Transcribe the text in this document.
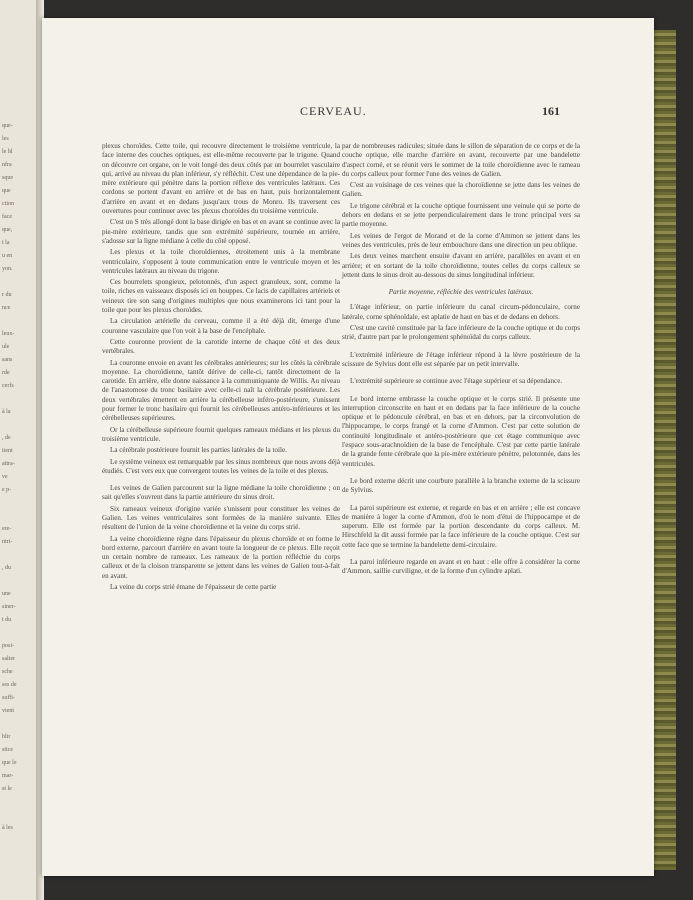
que-
les
le bl
nfra
sque
que
ction
face
que,
t la
u en
yon.

r du
nce

leux-
ule
sans
rde
cerfs

à la

, de
tient
attra-
ve
e p-

ere-
ntri-

, du

une
siner-
t du

posi-
salier
sche
ses de
suffi-
vient

blir
stice
que le
mar-
st le

à les
CERVEAU.	161

plexus choroïdes. Cette toile, qui recouvre directement le troisième ventricule, la face interne des couches optiques, est elle-même recouverte par le trigone. Quand on découvre cet organe, on le voit longé des deux côtés par un bourrelet vasculaire qui, arrivé au niveau du plan inférieur, s'y réfléchit. C'est une dépendance de la pie-mère extérieure qui pénètre dans la portion réflexe des ventricules latéraux. Ces cordons se portent d'avant en arrière et de bas en haut, puis horizontalement d'arrière en avant et en dedans jusqu'aux trous de Monro. Ils traversent ces ouvertures pour continuer avec les plexus choroïdes du troisième ventricule.

C'est un S très allongé dont la base dirigée en bas et en avant se continue avec la pie-mère extérieure, tandis que son extrémité supérieure, tournée en arrière, s'adosse sur la ligne médiane à celle du côté opposé.

Les plexus et la toile choroïdiennes, étroitement unis à la membrane ventriculaire, s'opposent à toute communication entre le ventricule moyen et les ventricules latéraux au niveau du trigone.

Ces bourrelets spongieux, pelotonnés, d'un aspect granuleux, sont, comme la toile, riches en vaisseaux disposés ici en houppes. Ce lacis de capillaires artériels et veineux tire son sang d'origines multiples que nous examinerons ici tant pour la toile que pour les plexus choroïdes.

La circulation artérielle du cerveau, comme il a été déjà dit, émerge d'une couronne vasculaire que l'on voit à la base de l'encéphale.

Cette couronne provient de la carotide interne de chaque côté et des deux vertébrales.

La couronne envoie en avant les cérébrales antérieures; sur les côtés la cérébrale moyenne. La choroïdienne, tantôt dérive de celle-ci, tantôt directement de la carotide. En arrière, elle donne naissance à la communiquante de Willis. Au niveau de l'anastomose du tronc basilaire avec celle-ci naît la cérébrale postérieure. Les deux vertébrales émettent en arrière la cérébelleuse inféro-postérieure, s'unissent pour former le tronc basilaire qui fournit les cérébelleuses antéro-inférieures et les cérébelleuses supérieures.

Or la cérébelleuse supérieure fournit quelques rameaux médians et les plexus du troisième ventricule.

La cérébrale postérieure fournit les parties latérales de la toile.

Le système veineux est remarquable par les sinus nombreux que nous avons déjà étudiés. C'est vers eux que convergent toutes les veines de la toile et des plexus.

Les veines de Galien parcourent sur la ligne médiane la toile choroïdienne ; on sait qu'elles s'ouvrent dans la partie antérieure du sinus droit.

Six rameaux veineux d'origine variée s'unissent pour constituer les veines de Galien. Les veines ventriculaires sont formées de la manière suivante. Elles résultent de l'union de la veine choroïdienne et la veine du corps strié.

La veine choroïdienne règne dans l'épaisseur du plexus choroïde et en forme le bord externe, parcourt d'arrière en avant toute la longueur de ce plexus. Elle reçoit un certain nombre de rameaux. Les rameaux de la portion réfléchie du corps calleux et de la cloison transparente se jettent dans les veines de Galien tout-à-fait en avant.

La veine du corps strié émane de l'épaisseur de cette partie

par de nombreuses radicules; située dans le sillon de séparation de ce corps et de la couche optique, elle marche d'arrière en avant, recouverte par une bandelette d'aspect corné, et se réunit vers le sommet de la toile choroïdienne avec le rameau du corps calleux pour former l'une des veines de Galien.

C'est au voisinage de ces veines que la choroïdienne se jette dans les veines de Galien.

Le trigone cérébral et la couche optique fournissent une veinule qui se porte de dehors en dedans et se jette perpendiculairement dans le tronc principal vers sa partie moyenne.

Les veines de l'ergot de Morand et de la corne d'Ammon se jettent dans les veines des ventricules, près de leur embouchure dans une direction un peu oblique.

Les deux veines marchent ensuite d'avant en arrière, parallèles en avant et en arrière; et en sortant de la toile choroïdienne, toutes celles du corps calleux se jettent dans le sinus droit au-dessous du sinus longitudinal inférieur.

Partie moyenne, réfléchie des ventricules latéraux.

L'étage inférieur, on partie inférieure du canal circum-pédonculaire, corne latérale, corne sphénoïdale, est aplatie de haut en bas et de dedans en dehors.

C'est une cavité constituée par la face inférieure de la couche optique et du corps strié, d'autre part par le prolongement sphénoïdal du corps calleux.

L'extrémité inférieure de l'étage inférieur répond à la lèvre postérieure de la scissure de Sylvius dont elle est séparée par un petit intervalle.

L'extrémité supérieure se continue avec l'étage supérieur et sa dépendance.

Le bord interne embrasse la couche optique et le corps strié. Il présente une interruption circonscrite en haut et en dedans par la face inférieure de la couche optique et le pédoncule cérébral, en bas et en dehors, par la circonvolution de l'hippocampe, le corps frangé et la corne d'Ammon. C'est par cette solution de continuité longitudinale et antéro-postérieure que cet étage communique avec l'espace sous-arachnoïdien de la base de l'encéphale. C'est par cette partie latérale de la grande fente cérébrale que la pie-mère extérieure pénètre, pelotonnée, dans les ventricules.

Le bord externe décrit une courbure parallèle à la branche externe de la scissure de Sylvius.

La paroi supérieure est externe, et regarde en bas et en arrière ; elle est concave de manière à loger la corne d'Ammon, d'où le nom d'étui de l'hippocampe et de superum. Elle est formée par la portion descendante du corps calleux. M. Hirschfeld la dit aussi formée par la face inférieure de la couche optique. C'est sur cette face que se termine la bandelette demi-circulaire.

La paroi inférieure regarde en avant et en haut : elle offre à considérer la corne d'Ammon, saillie curviligne, et de la forme d'un cylindre aplati.
